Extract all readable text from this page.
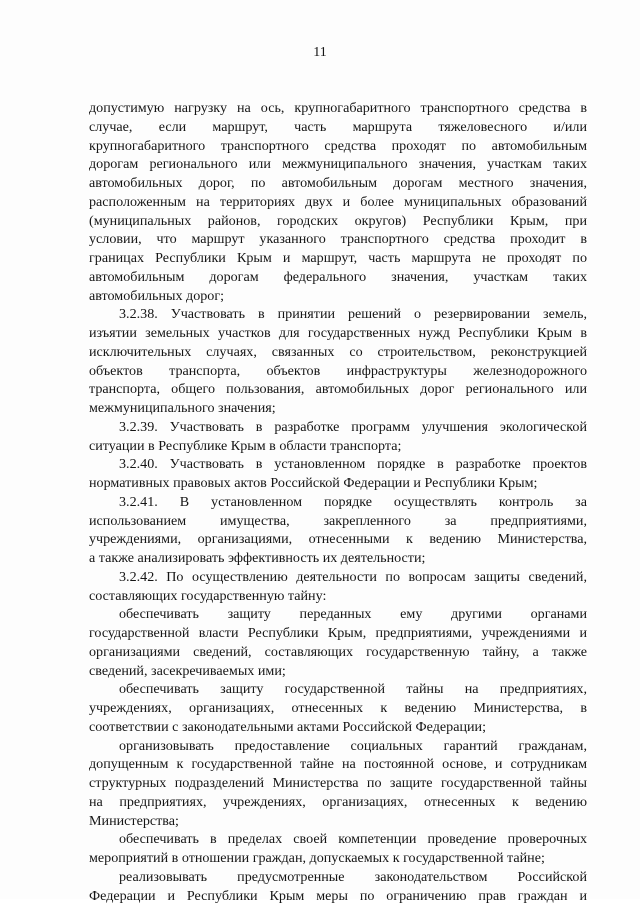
11

допустимую нагрузку на ось, крупногабаритного транспортного средства в

случае, если маршрут, часть маршрута тяжеловесного и/или

крупногабаритного транспортного средства проходят по автомобильным

дорогам регионального или межмуниципального значения, участкам таких

автомобильных дорог, по автомобильным дорогам местного значения,

расположенным на территориях двух и более муниципальных образований

(муниципальных районов, городских округов) Республики Крым, при

условии, что маршрут указанного транспортного средства проходит в

границах Республики Крым и маршрут, часть маршрута не проходят по

автомобильным дорогам федерального значения, участкам таких

автомобильных дорог;

3.2.38. Участвовать в принятии решений о резервировании земель,

изъятии земельных участков для государственных нужд Республики Крым в

исключительных случаях, связанных со строительством, реконструкцией

объектов транспорта, объектов инфраструктуры железнодорожного

транспорта, общего пользования, автомобильных дорог регионального или

межмуниципального значения;

3.2.39. Участвовать в разработке программ улучшения экологической

ситуации в Республике Крым в области транспорта;

3.2.40. Участвовать в установленном порядке в разработке проектов

нормативных правовых актов Российской Федерации и Республики Крым;

3.2.41. В установленном порядке осуществлять контроль за

использованием имущества, закрепленного за предприятиями,

учреждениями, организациями, отнесенными к ведению Министерства,

а также анализировать эффективность их деятельности;

3.2.42. По осуществлению деятельности по вопросам защиты сведений,

составляющих государственную тайну:

обеспечивать защиту переданных ему другими органами

государственной власти Республики Крым, предприятиями, учреждениями и

организациями сведений, составляющих государственную тайну, а также

сведений, засекречиваемых ими;

обеспечивать защиту государственной тайны на предприятиях,

учреждениях, организациях, отнесенных к ведению Министерства, в

соответствии с законодательными актами Российской Федерации;

организовывать предоставление социальных гарантий гражданам,

допущенным к государственной тайне на постоянной основе, и сотрудникам

структурных подразделений Министерства по защите государственной тайны

на предприятиях, учреждениях, организациях, отнесенных к ведению

Министерства;

обеспечивать в пределах своей компетенции проведение проверочных

мероприятий в отношении граждан, допускаемых к государственной тайне;

реализовывать предусмотренные законодательством Российской

Федерации и Республики Крым меры по ограничению прав граждан и
